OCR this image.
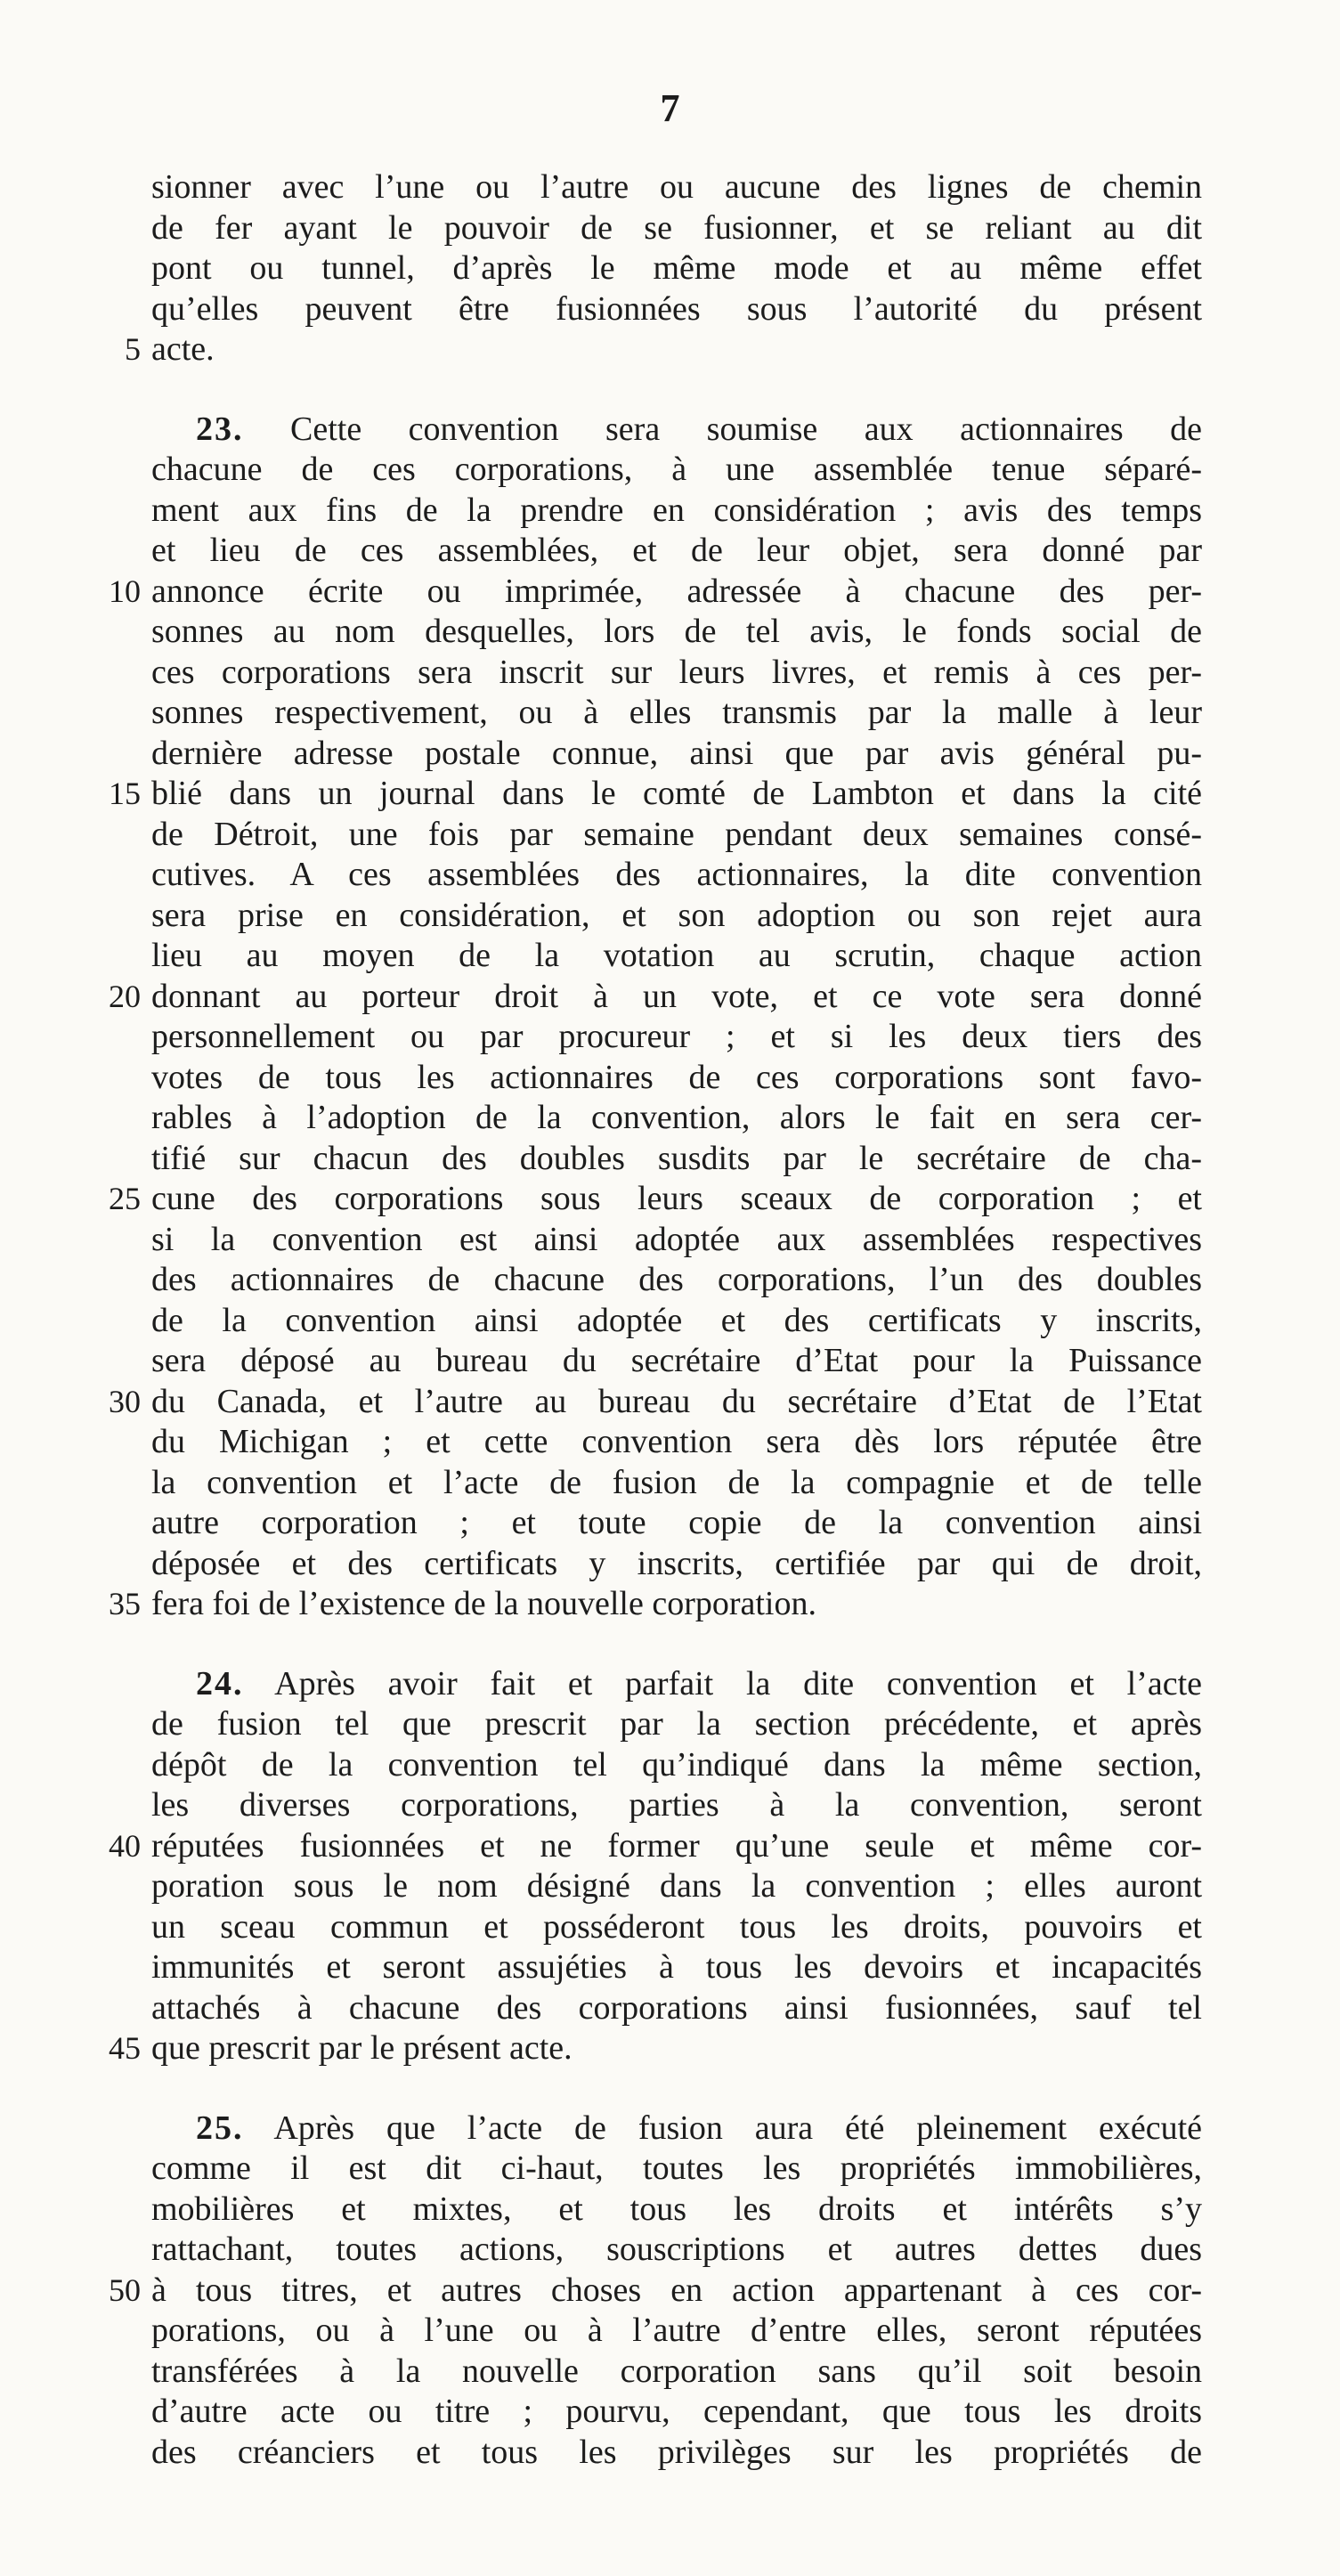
7
sionner avec l’une ou l’autre ou aucune des lignes de chemin
de fer ayant le pouvoir de se fusionner, et se reliant au dit
pont ou tunnel, d’après le même mode et au même effet
qu’elles peuvent être fusionnées sous l’autorité du présent
5 acte.
23. Cette convention sera soumise aux actionnaires de
chacune de ces corporations, à une assemblée tenue séparé-
ment aux fins de la prendre en considération ; avis des temps
et lieu de ces assemblées, et de leur objet, sera donné par
10 annonce écrite ou imprimée, adressée à chacune des per-
sonnes au nom desquelles, lors de tel avis, le fonds social de
ces corporations sera inscrit sur leurs livres, et remis à ces per-
sonnes respectivement, ou à elles transmis par la malle à leur
dernière adresse postale connue, ainsi que par avis général pu-
15 blié dans un journal dans le comté de Lambton et dans la cité
de Détroit, une fois par semaine pendant deux semaines consé-
cutives. A ces assemblées des actionnaires, la dite convention
sera prise en considération, et son adoption ou son rejet aura
lieu au moyen de la votation au scrutin, chaque action
20 donnant au porteur droit à un vote, et ce vote sera donné
personnellement ou par procureur ; et si les deux tiers des
votes de tous les actionnaires de ces corporations sont favo-
rables à l’adoption de la convention, alors le fait en sera cer-
tifié sur chacun des doubles susdits par le secrétaire de cha-
25 cune des corporations sous leurs sceaux de corporation ; et
si la convention est ainsi adoptée aux assemblées respectives
des actionnaires de chacune des corporations, l’un des doubles
de la convention ainsi adoptée et des certificats y inscrits,
sera déposé au bureau du secrétaire d’Etat pour la Puissance
30 du Canada, et l’autre au bureau du secrétaire d’Etat de l’Etat
du Michigan ; et cette convention sera dès lors réputée être
la convention et l’acte de fusion de la compagnie et de telle
autre corporation ; et toute copie de la convention ainsi
déposée et des certificats y inscrits, certifiée par qui de droit,
35 fera foi de l’existence de la nouvelle corporation.
24. Après avoir fait et parfait la dite convention et l’acte
de fusion tel que prescrit par la section précédente, et après
dépôt de la convention tel qu’indiqué dans la même section,
les diverses corporations, parties à la convention, seront
40 réputées fusionnées et ne former qu’une seule et même cor-
poration sous le nom désigné dans la convention ; elles auront
un sceau commun et posséderont tous les droits, pouvoirs et
immunités et seront assujéties à tous les devoirs et incapacités
attachés à chacune des corporations ainsi fusionnées, sauf tel
45 que prescrit par le présent acte.
25. Après que l’acte de fusion aura été pleinement exécuté
comme il est dit ci-haut, toutes les propriétés immobilières,
mobilières et mixtes, et tous les droits et intérêts s’y
rattachant, toutes actions, souscriptions et autres dettes dues
50 à tous titres, et autres choses en action appartenant à ces cor-
porations, ou à l’une ou à l’autre d’entre elles, seront réputées
transférées à la nouvelle corporation sans qu’il soit besoin
d’autre acte ou titre ; pourvu, cependant, que tous les droits
des créanciers et tous les privilèges sur les propriétés de
